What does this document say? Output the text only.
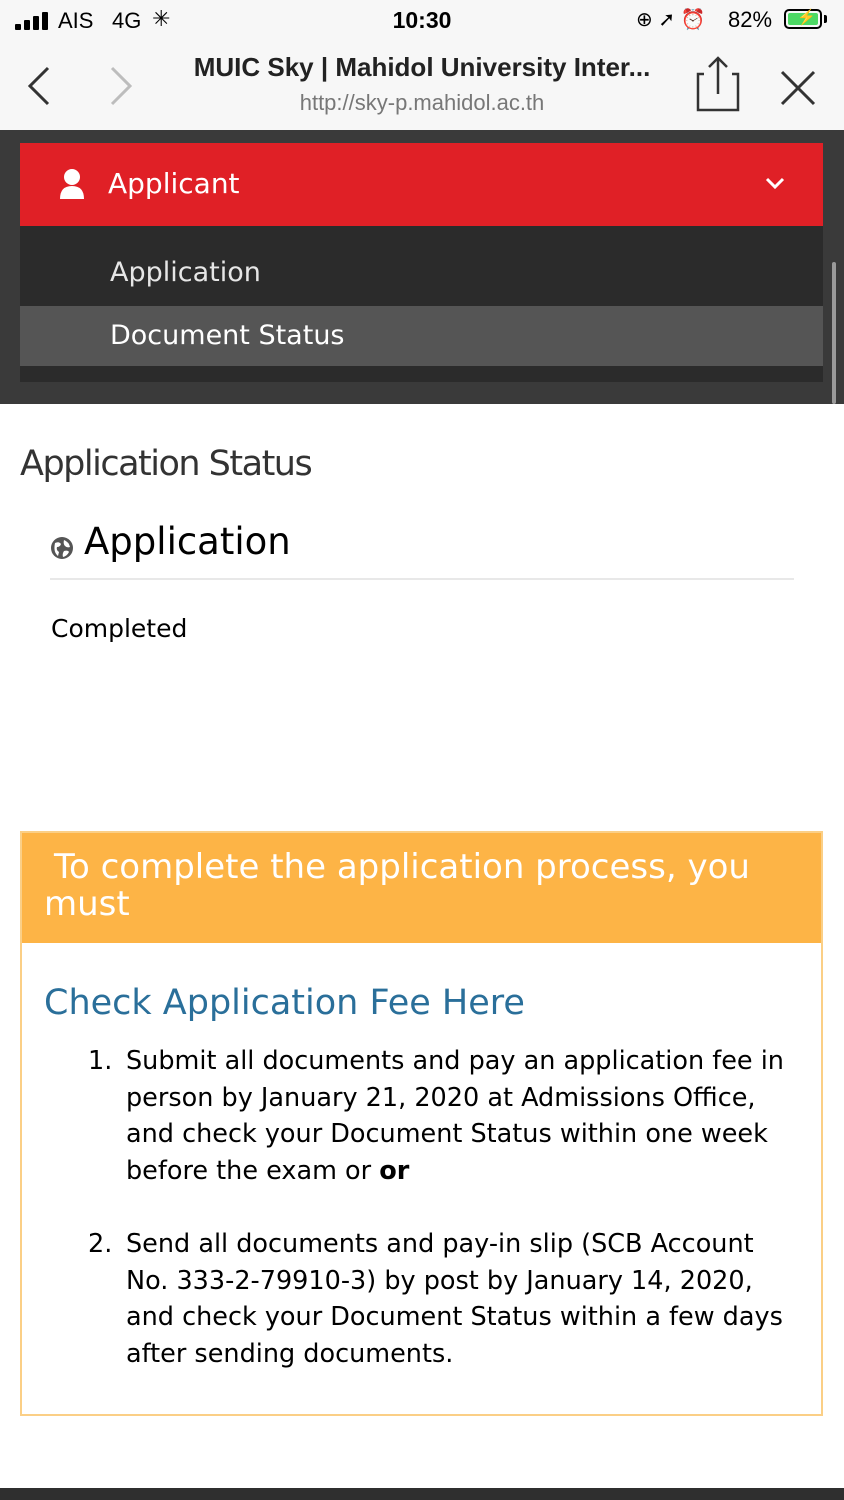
AIS 4G ✳	10:30	⊕ ➚ ⏰ 82% ⚡
MUIC Sky | Mahidol University Inter...
http://sky-p.mahidol.ac.th
Applicant
Application
Document Status
Application Status
Application
Completed
To complete the application process, you must
Check Application Fee Here
1. Submit all documents and pay an application fee in person by January 21, 2020 at Admissions Office, and check your Document Status within one week before the exam or or
2. Send all documents and pay-in slip (SCB Account No. 333-2-79910-3) by post by January 14, 2020, and check your Document Status within a few days after sending documents.
